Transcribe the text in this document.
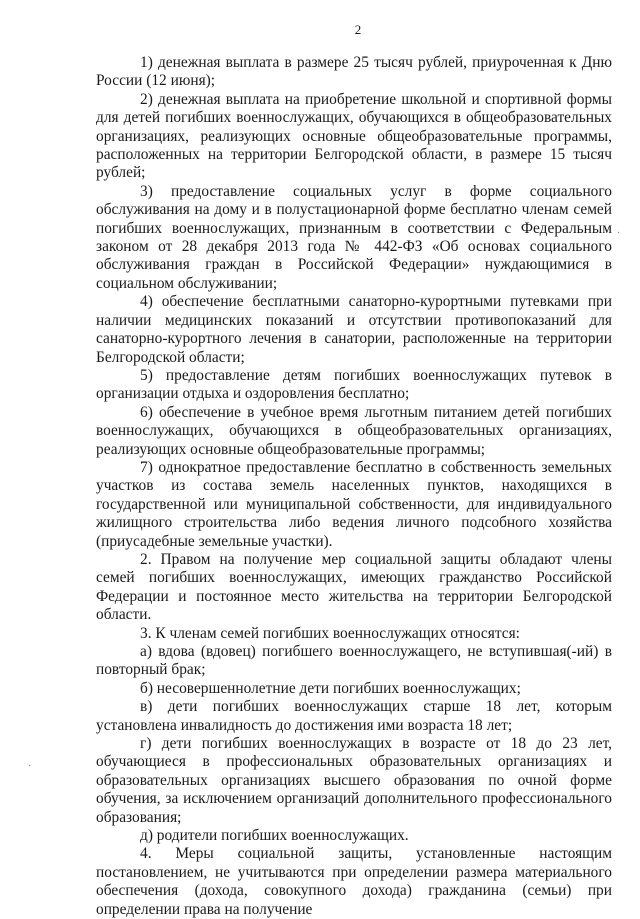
2

1) денежная выплата в размере 25 тысяч рублей, приуроченная к Дню России (12 июня);

2) денежная выплата на приобретение школьной и спортивной формы для детей погибших военнослужащих, обучающихся в общеобразовательных организациях, реализующих основные общеобразовательные программы, расположенных на территории Белгородской области, в размере 15 тысяч рублей;

3) предоставление социальных услуг в форме социального обслуживания на дому и в полустационарной форме бесплатно членам семей погибших военнослужащих, признанным в соответствии с Федеральным законом от 28 декабря 2013 года № 442-ФЗ «Об основах социального обслуживания граждан в Российской Федерации» нуждающимися в социальном обслуживании;

4) обеспечение бесплатными санаторно-курортными путевками при наличии медицинских показаний и отсутствии противопоказаний для санаторно-курортного лечения в санатории, расположенные на территории Белгородской области;

5) предоставление детям погибших военнослужащих путевок в организации отдыха и оздоровления бесплатно;

6) обеспечение в учебное время льготным питанием детей погибших военнослужащих, обучающихся в общеобразовательных организациях, реализующих основные общеобразовательные программы;

7) однократное предоставление бесплатно в собственность земельных участков из состава земель населенных пунктов, находящихся в государственной или муниципальной собственности, для индивидуального жилищного строительства либо ведения личного подсобного хозяйства (приусадебные земельные участки).

2. Правом на получение мер социальной защиты обладают члены семей погибших военнослужащих, имеющих гражданство Российской Федерации и постоянное место жительства на территории Белгородской области.

3. К членам семей погибших военнослужащих относятся:

а) вдова (вдовец) погибшего военнослужащего, не вступившая(-ий) в повторный брак;

б) несовершеннолетние дети погибших военнослужащих;

в) дети погибших военнослужащих старше 18 лет, которым установлена инвалидность до достижения ими возраста 18 лет;

г) дети погибших военнослужащих в возрасте от 18 до 23 лет, обучающиеся в профессиональных образовательных организациях и образовательных организациях высшего образования по очной форме обучения, за исключением организаций дополнительного профессионального образования;

д) родители погибших военнослужащих.

4. Меры социальной защиты, установленные настоящим постановлением, не учитываются при определении размера материального обеспечения (дохода, совокупного дохода) гражданина (семьи) при определении права на получение

·
·
